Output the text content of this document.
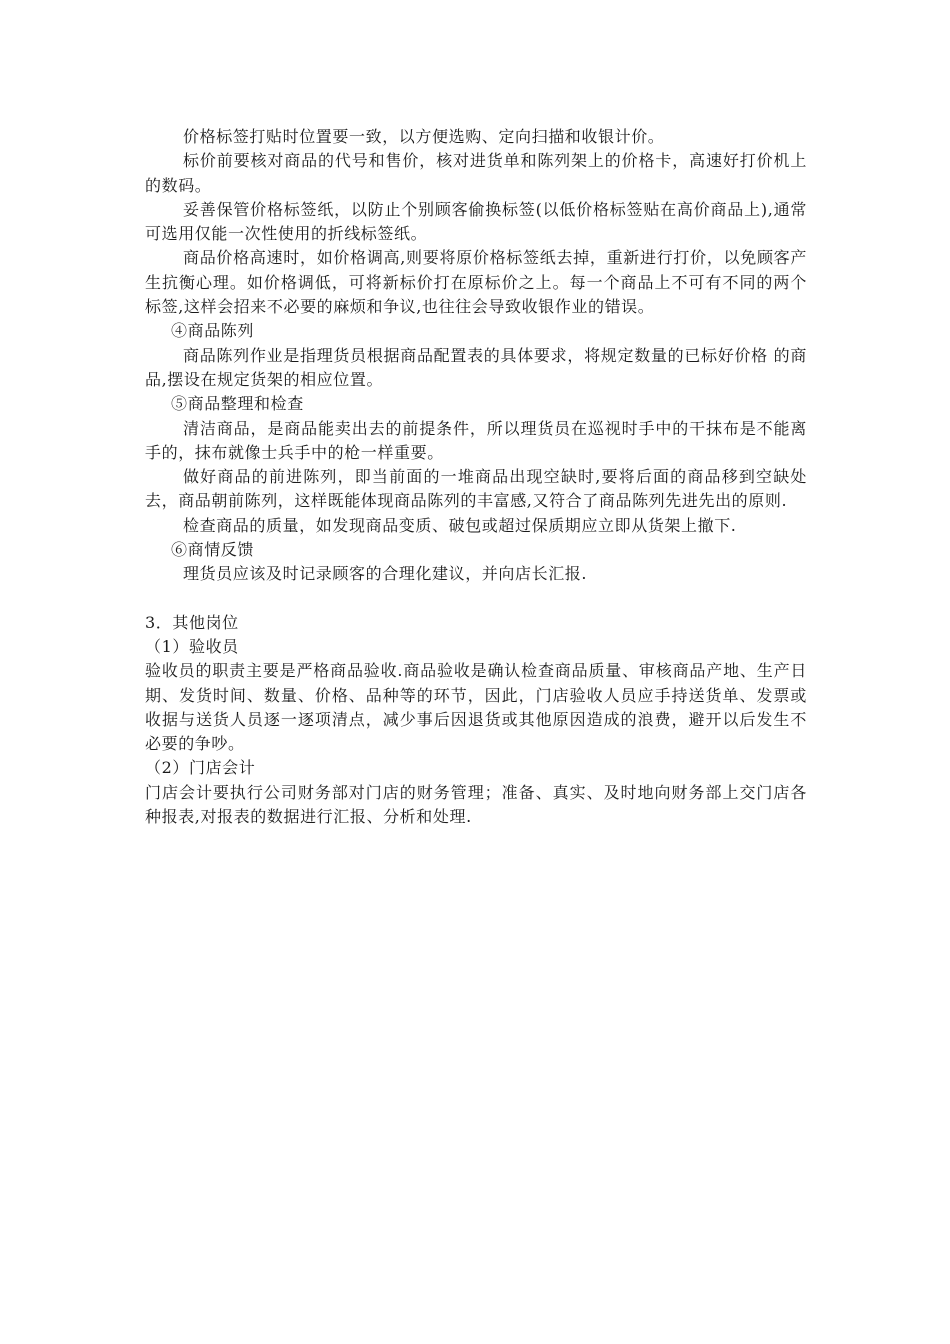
价格标签打贴时位置要一致，以方便选购、定向扫描和收银计价。

标价前要核对商品的代号和售价，核对进货单和陈列架上的价格卡，高速好打价机上的数码。

妥善保管价格标签纸，以防止个别顾客偷换标签(以低价格标签贴在高价商品上),通常可选用仅能一次性使用的折线标签纸。

商品价格高速时，如价格调高,则要将原价格标签纸去掉，重新进行打价，以免顾客产生抗衡心理。如价格调低，可将新标价打在原标价之上。每一个商品上不可有不同的两个标签,这样会招来不必要的麻烦和争议,也往往会导致收银作业的错误。

④商品陈列

商品陈列作业是指理货员根据商品配置表的具体要求，将规定数量的已标好价格 的商品,摆设在规定货架的相应位置。

⑤商品整理和检查

清洁商品，是商品能卖出去的前提条件，所以理货员在巡视时手中的干抹布是不能离手的，抹布就像士兵手中的枪一样重要。

做好商品的前进陈列，即当前面的一堆商品出现空缺时,要将后面的商品移到空缺处去，商品朝前陈列，这样既能体现商品陈列的丰富感,又符合了商品陈列先进先出的原则.

检查商品的质量，如发现商品变质、破包或超过保质期应立即从货架上撤下.

⑥商情反馈

理货员应该及时记录顾客的合理化建议，并向店长汇报.

3．其他岗位

（1）验收员

验收员的职责主要是严格商品验收.商品验收是确认检查商品质量、审核商品产地、生产日期、发货时间、数量、价格、品种等的环节，因此，门店验收人员应手持送货单、发票或收据与送货人员逐一逐项清点，减少事后因退货或其他原因造成的浪费，避开以后发生不必要的争吵。

（2）门店会计

门店会计要执行公司财务部对门店的财务管理；准备、真实、及时地向财务部上交门店各种报表,对报表的数据进行汇报、分析和处理.
